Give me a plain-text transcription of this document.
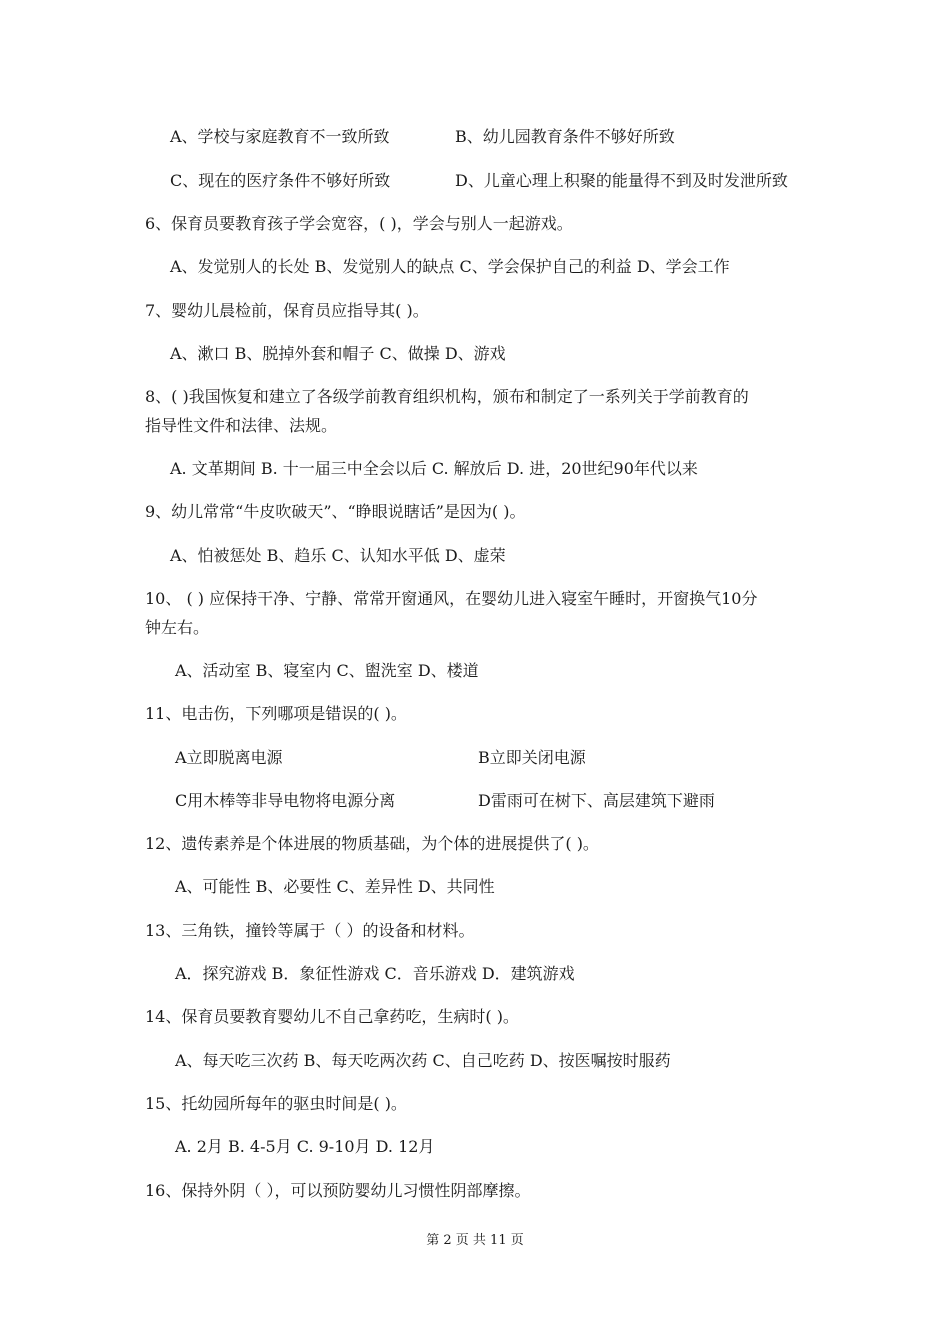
A、学校与家庭教育不一致所致	B、幼儿园教育条件不够好所致
C、现在的医疗条件不够好所致	D、儿童心理上积聚的能量得不到及时发泄所致
6、保育员要教育孩子学会宽容，( )，学会与别人一起游戏。
A、发觉别人的长处 B、发觉别人的缺点 C、学会保护自己的利益 D、学会工作
7、婴幼儿晨检前，保育员应指导其( )。
A、漱口 B、脱掉外套和帽子 C、做操 D、游戏
8、( )我国恢复和建立了各级学前教育组织机构，颁布和制定了一系列关于学前教育的
指导性文件和法律、法规。
A. 文革期间 B. 十一届三中全会以后 C. 解放后 D. 进，20世纪90年代以来
9、幼儿常常“牛皮吹破天”、“睁眼说瞎话”是因为( )。
A、怕被惩处 B、趋乐 C、认知水平低 D、虚荣
10、 ( ) 应保持干净、宁静、常常开窗通风，在婴幼儿进入寝室午睡时，开窗换气10分
钟左右。
A、活动室 B、寝室内 C、盥洗室 D、楼道
11、电击伤，下列哪项是错误的( )。
A立即脱离电源	B立即关闭电源
C用木棒等非导电物将电源分离	D雷雨可在树下、高层建筑下避雨
12、遗传素养是个体进展的物质基础，为个体的进展提供了( )。
A、可能性 B、必要性 C、差异性 D、共同性
13、三角铁，撞铃等属于（ ）的设备和材料。
A．探究游戏 B．象征性游戏 C．音乐游戏 D．建筑游戏
14、保育员要教育婴幼儿不自己拿药吃，生病时( )。
A、每天吃三次药 B、每天吃两次药 C、自己吃药 D、按医嘱按时服药
15、托幼园所每年的驱虫时间是( )。
A. 2月 B. 4-5月 C. 9-10月 D. 12月
16、保持外阴（ ），可以预防婴幼儿习惯性阴部摩擦。
第 2 页 共 11 页
